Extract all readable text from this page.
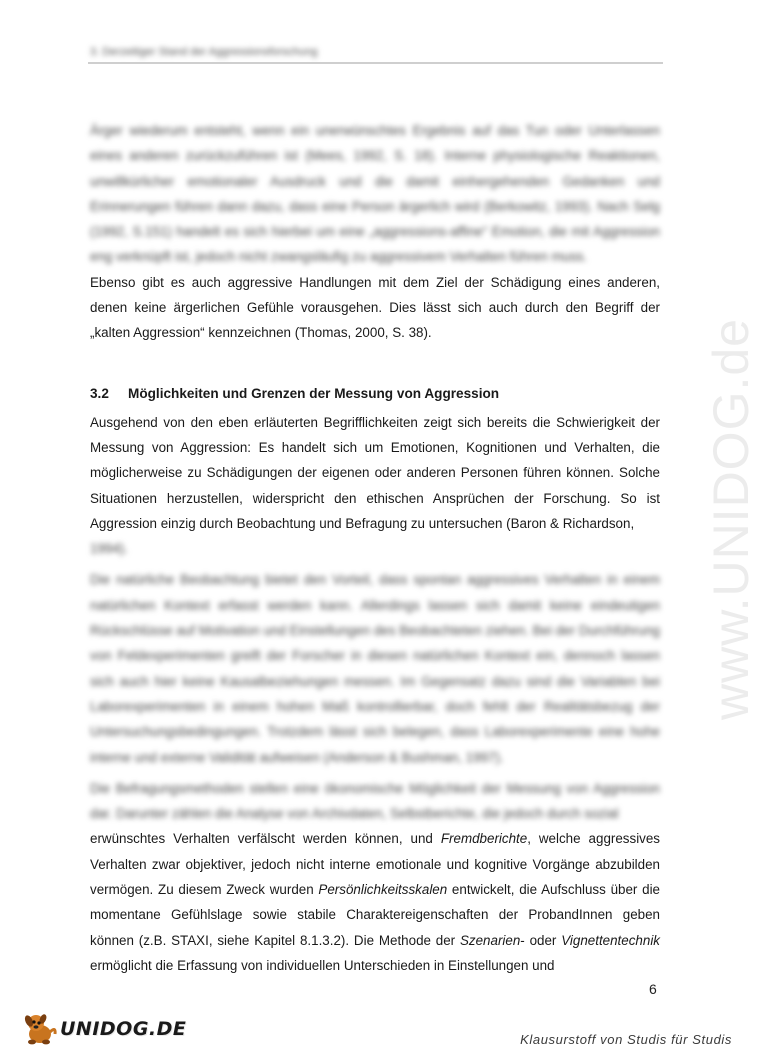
3. Derzeitiger Stand der Aggressionsforschung
www.UNIDOG.de

Ärger wiederum entsteht, wenn ein unerwünschtes Ergebnis auf das Tun oder Unterlassen eines anderen zurückzuführen ist (Mees, 1992, S. 18). Interne physiologische Reaktionen, unwillkürlicher emotionaler Ausdruck und die damit einhergehenden Gedanken und Erinnerungen führen dann dazu, dass eine Person ärgerlich wird (Berkowitz, 1993). Nach Selg (1992, S.151) handelt es sich hierbei um eine „aggressions-affine“ Emotion, die mit Aggression eng verknüpft ist, jedoch nicht zwangsläufig zu aggressivem Verhalten führen muss.

Ebenso gibt es auch aggressive Handlungen mit dem Ziel der Schädigung eines anderen, denen keine ärgerlichen Gefühle vorausgehen. Dies lässt sich auch durch den Begriff der „kalten Aggression“ kennzeichnen (Thomas, 2000, S. 38).

3.2	Möglichkeiten und Grenzen der Messung von Aggression

Ausgehend von den eben erläuterten Begrifflichkeiten zeigt sich bereits die Schwierigkeit der Messung von Aggression: Es handelt sich um Emotionen, Kognitionen und Verhalten, die möglicherweise zu Schädigungen der eigenen oder anderen Personen führen können. Solche Situationen herzustellen, widerspricht den ethischen Ansprüchen der Forschung. So ist Aggression einzig durch Beobachtung und Befragung zu untersuchen (Baron & Richardson,

1994).

Die natürliche Beobachtung bietet den Vorteil, dass spontan aggressives Verhalten in einem natürlichen Kontext erfasst werden kann. Allerdings lassen sich damit keine eindeutigen Rückschlüsse auf Motivation und Einstellungen des Beobachteten ziehen. Bei der Durchführung von Feldexperimenten greift der Forscher in diesen natürlichen Kontext ein, dennoch lassen sich auch hier keine Kausalbeziehungen messen. Im Gegensatz dazu sind die Variablen bei Laborexperimenten in einem hohen Maß kontrollierbar, doch fehlt der Realitätsbezug der Untersuchungsbedingungen. Trotzdem lässt sich belegen, dass Laborexperimente eine hohe interne und externe Validität aufweisen (Anderson & Bushman, 1997).

Die Befragungsmethoden stellen eine ökonomische Möglichkeit der Messung von Aggression dar. Darunter zählen die Analyse von Archivdaten, Selbstberichte, die jedoch durch sozial

erwünschtes Verhalten verfälscht werden können, und Fremdberichte, welche aggressives Verhalten zwar objektiver, jedoch nicht interne emotionale und kognitive Vorgänge abzubilden vermögen. Zu diesem Zweck wurden Persönlichkeitsskalen entwickelt, die Aufschluss über die momentane Gefühlslage sowie stabile Charaktereigenschaften der ProbandInnen geben können (z.B. STAXI, siehe Kapitel 8.1.3.2). Die Methode der Szenarien- oder Vignettentechnik ermöglicht die Erfassung von individuellen Unterschieden in Einstellungen und

6
UNIDOG.DE	Klausurstoff von Studis für Studis
